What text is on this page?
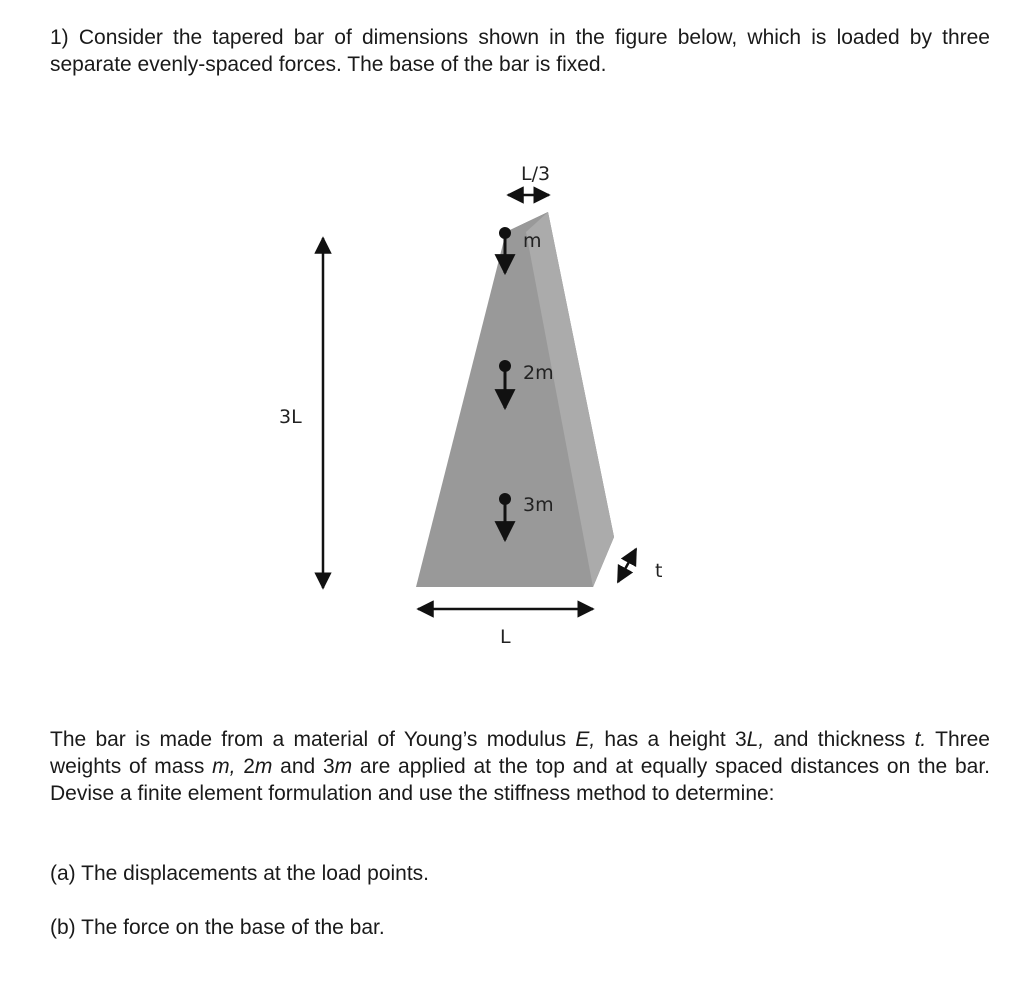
1) Consider the tapered bar of dimensions shown in the figure below, which is loaded by three separate evenly-spaced forces. The base of the bar is fixed.

L/3
3L
L
t
m
2m
3m

The bar is made from a material of Young’s modulus E, has a height 3L, and thickness t. Three weights of mass m, 2m and 3m are applied at the top and at equally spaced distances on the bar. Devise a finite element formulation and use the stiffness method to determine:

(a) The displacements at the load points.

(b) The force on the base of the bar.
